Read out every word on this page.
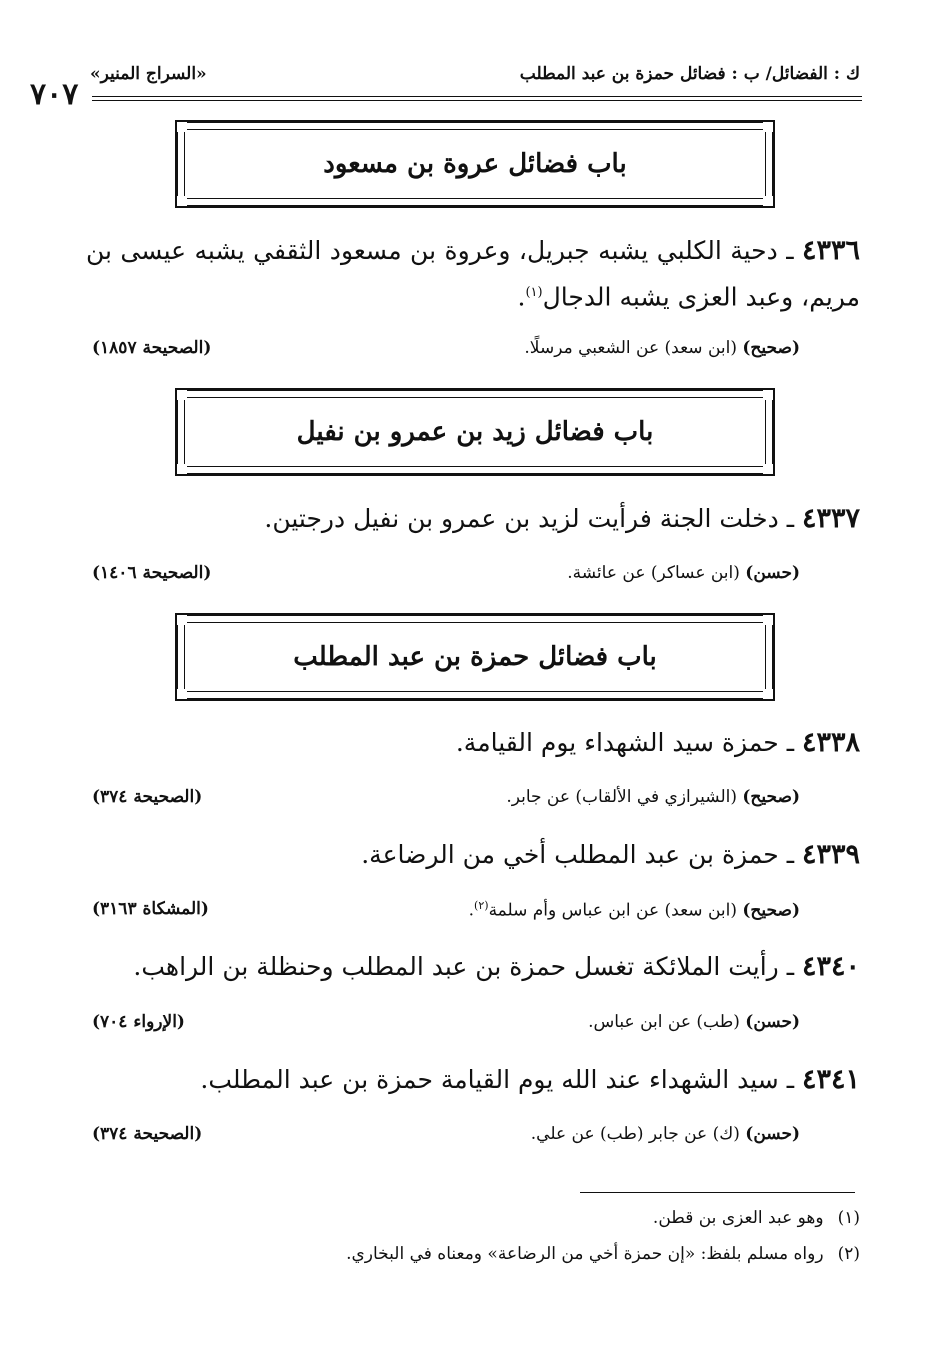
٧٠٧
«السراج المنير»	ك : الفضائل/ ب : فضائل حمزة بن عبد المطلب
باب فضائل عروة بن مسعود
٤٣٣٦ ـ دحية الكلبي يشبه جبريل، وعروة بن مسعود الثقفي يشبه عيسى بن مريم، وعبد العزى يشبه الدجال$^{(١)}$.
(صحيح) (ابن سعد) عن الشعبي مرسلًا.
(الصحيحة ١٨٥٧)
باب فضائل زيد بن عمرو بن نفيل
٤٣٣٧ ـ دخلت الجنة فرأيت لزيد بن عمرو بن نفيل درجتين.
(حسن) (ابن عساكر) عن عائشة.
(الصحيحة ١٤٠٦)
باب فضائل حمزة بن عبد المطلب
٤٣٣٨ ـ حمزة سيد الشهداء يوم القيامة.
(صحيح) (الشيرازي في الألقاب) عن جابر.
(الصحيحة ٣٧٤)
٤٣٣٩ ـ حمزة بن عبد المطلب أخي من الرضاعة.
(صحيح) (ابن سعد) عن ابن عباس وأم سلمة$^{(٢)}$.
(المشكاة ٣١٦٣)
٤٣٤٠ ـ رأيت الملائكة تغسل حمزة بن عبد المطلب وحنظلة بن الراهب.
(حسن) (طب) عن ابن عباس.
(الإرواء ٧٠٤)
٤٣٤١ ـ سيد الشهداء عند الله يوم القيامة حمزة بن عبد المطلب.
(حسن) (ك) عن جابر (طب) عن علي.
(الصحيحة ٣٧٤)
(١)وهو عبد العزى بن قطن.
(٢)رواه مسلم بلفظ: «إن حمزة أخي من الرضاعة» ومعناه في البخاري.
